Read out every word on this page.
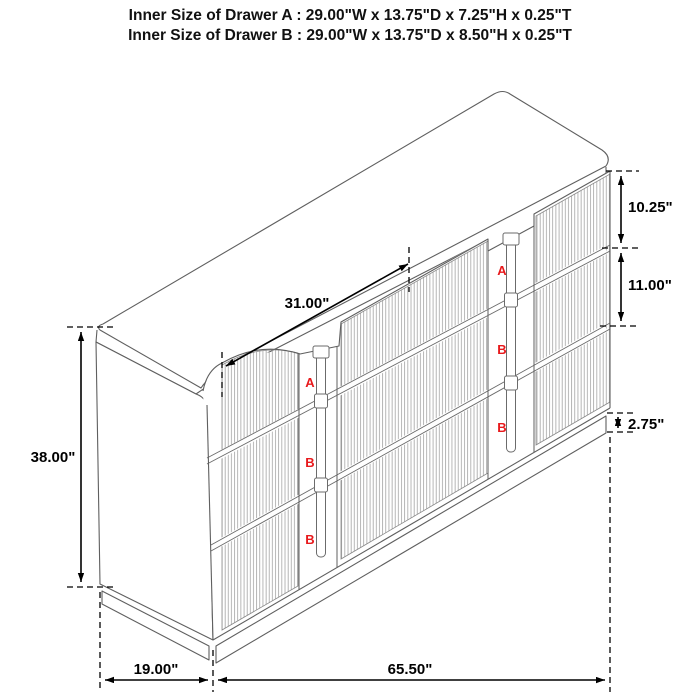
Inner Size of Drawer A : 29.00"W x 13.75"D x 7.25"H x 0.25"T
Inner Size of Drawer B : 29.00"W x 13.75"D x 8.50"H x 0.25"T
A
B
B
A
B
B
31.00"
38.00"
10.25"
11.00"
2.75"
19.00"	65.50"
